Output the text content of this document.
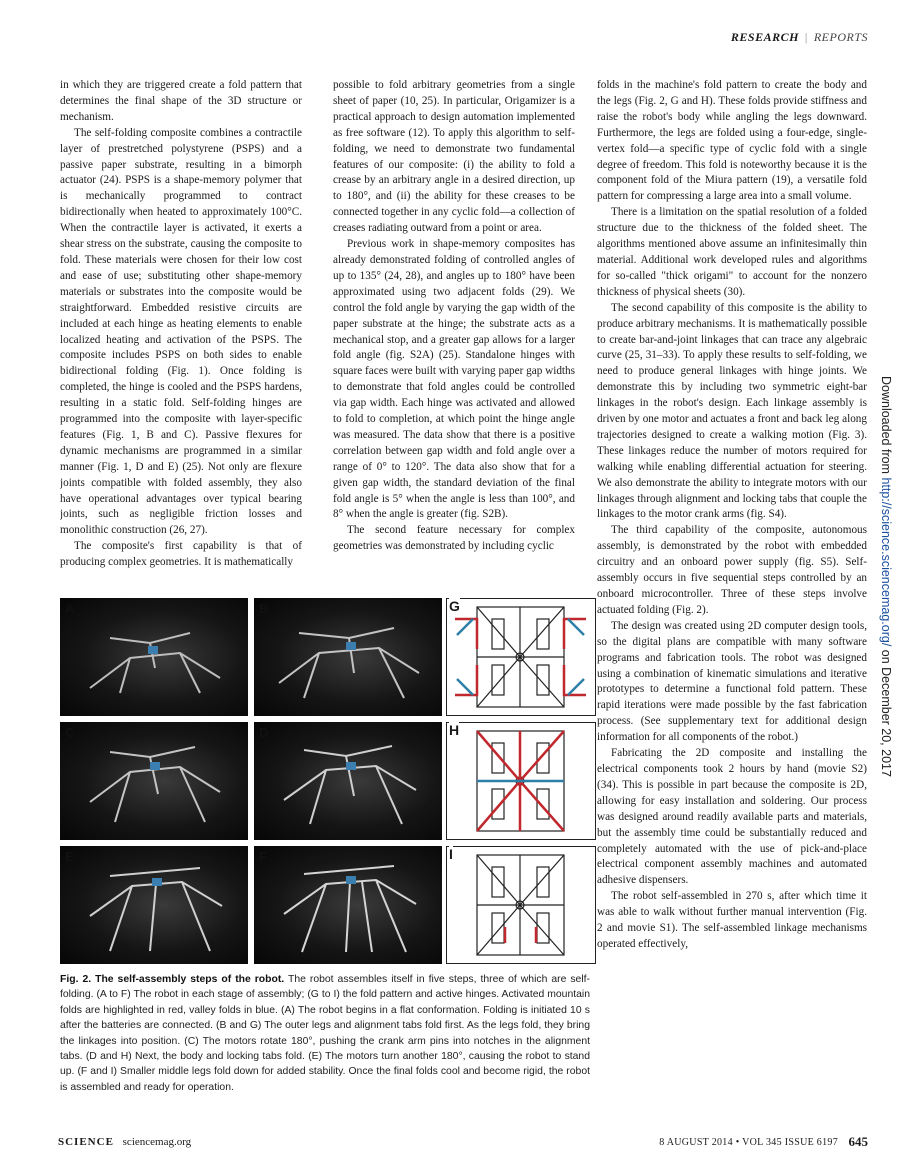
RESEARCH | REPORTS

in which they are triggered create a fold pattern that determines the final shape of the 3D structure or mechanism.

The self-folding composite combines a contractile layer of prestretched polystyrene (PSPS) and a passive paper substrate, resulting in a bimorph actuator (24). PSPS is a shape-memory polymer that is mechanically programmed to contract bidirectionally when heated to approximately 100°C. When the contractile layer is activated, it exerts a shear stress on the substrate, causing the composite to fold. These materials were chosen for their low cost and ease of use; substituting other shape-memory materials or substrates into the composite would be straightforward. Embedded resistive circuits are included at each hinge as heating elements to enable localized heating and activation of the PSPS. The composite includes PSPS on both sides to enable bidirectional folding (Fig. 1). Once folding is completed, the hinge is cooled and the PSPS hardens, resulting in a static fold. Self-folding hinges are programmed into the composite with layer-specific features (Fig. 1, B and C). Passive flexures for dynamic mechanisms are programmed in a similar manner (Fig. 1, D and E) (25). Not only are flexure joints compatible with folded assembly, they also have operational advantages over typical bearing joints, such as negligible friction losses and monolithic construction (26, 27).

The composite's first capability is that of producing complex geometries. It is mathematically

possible to fold arbitrary geometries from a single sheet of paper (10, 25). In particular, Origamizer is a practical approach to design automation implemented as free software (12). To apply this algorithm to self-folding, we need to demonstrate two fundamental features of our composite: (i) the ability to fold a crease by an arbitrary angle in a desired direction, up to 180°, and (ii) the ability for these creases to be connected together in any cyclic fold—a collection of creases radiating outward from a point or area.

Previous work in shape-memory composites has already demonstrated folding of controlled angles of up to 135° (24, 28), and angles up to 180° have been approximated using two adjacent folds (29). We control the fold angle by varying the gap width of the paper substrate at the hinge; the substrate acts as a mechanical stop, and a greater gap allows for a larger fold angle (fig. S2A) (25). Standalone hinges with square faces were built with varying paper gap widths to demonstrate that fold angles could be controlled via gap width. Each hinge was activated and allowed to fold to completion, at which point the hinge angle was measured. The data show that there is a positive correlation between gap width and fold angle over a range of 0° to 120°. The data also show that for a given gap width, the standard deviation of the final fold angle is 5° when the angle is less than 100°, and 8° when the angle is greater (fig. S2B).

The second feature necessary for complex geometries was demonstrated by including cyclic

folds in the machine's fold pattern to create the body and the legs (Fig. 2, G and H). These folds provide stiffness and raise the robot's body while angling the legs downward. Furthermore, the legs are folded using a four-edge, single-vertex fold—a specific type of cyclic fold with a single degree of freedom. This fold is noteworthy because it is the component fold of the Miura pattern (19), a versatile fold pattern for compressing a large area into a small volume.

There is a limitation on the spatial resolution of a folded structure due to the thickness of the folded sheet. The algorithms mentioned above assume an infinitesimally thin material. Additional work developed rules and algorithms for so-called "thick origami" to account for the nonzero thickness of physical sheets (30).

The second capability of this composite is the ability to produce arbitrary mechanisms. It is mathematically possible to create bar-and-joint linkages that can trace any algebraic curve (25, 31–33). To apply these results to self-folding, we need to produce general linkages with hinge joints. We demonstrate this by including two symmetric eight-bar linkages in the robot's design. Each linkage assembly is driven by one motor and actuates a front and back leg along trajectories designed to create a walking motion (Fig. 3). These linkages reduce the number of motors required for walking while enabling differential actuation for steering. We also demonstrate the ability to integrate motors with our linkages through alignment and locking tabs that couple the linkages to the motor crank arms (fig. S4).

The third capability of the composite, autonomous assembly, is demonstrated by the robot with embedded circuitry and an onboard power supply (fig. S5). Self-assembly occurs in five sequential steps controlled by an onboard microcontroller. Three of these steps involve actuated folding (Fig. 2).

The design was created using 2D computer design tools, so the digital plans are compatible with many software programs and fabrication tools. The robot was designed using a combination of kinematic simulations and iterative prototypes to determine a functional fold pattern. These rapid iterations were made possible by the fast fabrication process. (See supplementary text for additional design information for all components of the robot.)

Fabricating the 2D composite and installing the electrical components took 2 hours by hand (movie S2) (34). This is possible in part because the composite is 2D, allowing for easy installation and soldering. Our process was designed around readily available parts and materials, but the assembly time could be substantially reduced and completely automated with the use of pick-and-place electrical component assembly machines and automated adhesive dispensers.

The robot self-assembled in 270 s, after which time it was able to walk without further manual intervention (Fig. 2 and movie S1). The self-assembled linkage mechanisms operated effectively,

A	B
C	D
E	F
G
H
I
Fig. 2. The self-assembly steps of the robot. The robot assembles itself in five steps, three of which are self-folding. (A to F) The robot in each stage of assembly; (G to I) the fold pattern and active hinges. Activated mountain folds are highlighted in red, valley folds in blue. (A) The robot begins in a flat conformation. Folding is initiated 10 s after the batteries are connected. (B and G) The outer legs and alignment tabs fold first. As the legs fold, they bring the linkages into position. (C) The motors rotate 180°, pushing the crank arm pins into notches in the alignment tabs. (D and H) Next, the body and locking tabs fold. (E) The motors turn another 180°, causing the robot to stand up. (F and I) Smaller middle legs fold down for added stability. Once the final folds cool and become rigid, the robot is assembled and ready for operation.
SCIENCE sciencemag.org	8 AUGUST 2014 • VOL 345 ISSUE 6197 645
Downloaded from http://science.sciencemag.org/ on December 20, 2017
